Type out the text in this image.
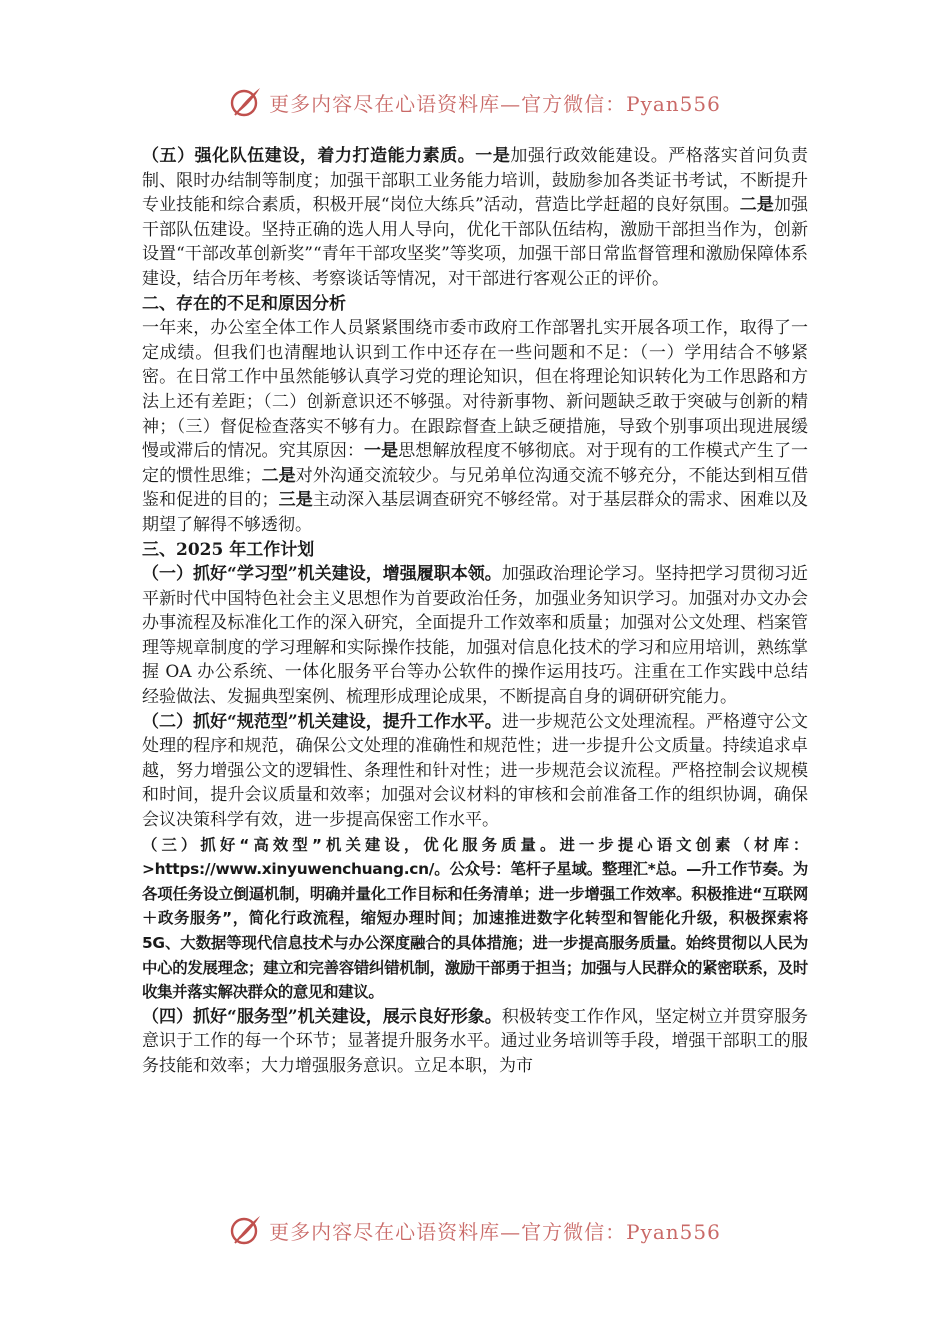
更多内容尽在心语资料库—官方微信：Pyan556

（五）强化队伍建设，着力打造能力素质。一是加强行政效能建设。严格落实首问负责制、限时办结制等制度；加强干部职工业务能力培训，鼓励参加各类证书考试，不断提升专业技能和综合素质，积极开展“岗位大练兵”活动，营造比学赶超的良好氛围。二是加强干部队伍建设。坚持正确的选人用人导向，优化干部队伍结构，激励干部担当作为，创新设置“干部改革创新奖”“青年干部攻坚奖”等奖项，加强干部日常监督管理和激励保障体系建设，结合历年考核、考察谈话等情况，对干部进行客观公正的评价。

二、存在的不足和原因分析

一年来，办公室全体工作人员紧紧围绕市委市政府工作部署扎实开展各项工作，取得了一定成绩。但我们也清醒地认识到工作中还存在一些问题和不足：（一）学用结合不够紧密。在日常工作中虽然能够认真学习党的理论知识，但在将理论知识转化为工作思路和方法上还有差距；（二）创新意识还不够强。对待新事物、新问题缺乏敢于突破与创新的精神；（三）督促检查落实不够有力。在跟踪督查上缺乏硬措施，导致个别事项出现进展缓慢或滞后的情况。究其原因：一是思想解放程度不够彻底。对于现有的工作模式产生了一定的惯性思维；二是对外沟通交流较少。与兄弟单位沟通交流不够充分，不能达到相互借鉴和促进的目的；三是主动深入基层调查研究不够经常。对于基层群众的需求、困难以及期望了解得不够透彻。

三、2025 年工作计划

（一）抓好“学习型”机关建设，增强履职本领。加强政治理论学习。坚持把学习贯彻习近平新时代中国特色社会主义思想作为首要政治任务，加强业务知识学习。加强对办文办会办事流程及标准化工作的深入研究，全面提升工作效率和质量；加强对公文处理、档案管理等规章制度的学习理解和实际操作技能，加强对信息化技术的学习和应用培训，熟练掌握 OA 办公系统、一体化服务平台等办公软件的操作运用技巧。注重在工作实践中总结经验做法、发掘典型案例、梳理形成理论成果，不断提高自身的调研研究能力。

（二）抓好“规范型”机关建设，提升工作水平。进一步规范公文处理流程。严格遵守公文处理的程序和规范，确保公文处理的准确性和规范性；进一步提升公文质量。持续追求卓越，努力增强公文的逻辑性、条理性和针对性；进一步规范会议流程。严格控制会议规模和时间，提升会议质量和效率；加强对会议材料的审核和会前准备工作的组织协调，确保会议决策科学有效，进一步提高保密工作水平。

（三）抓好“高效型”机关建设，优化服务质量。进一步提心语文创素（材库：>https://www.xinyuwenchuang.cn/。公众号：笔杆子星域。整理汇*总。—升工作节奏。为各项任务设立倒逼机制，明确并量化工作目标和任务清单；进一步增强工作效率。积极推进“互联网＋政务服务”，简化行政流程，缩短办理时间；加速推进数字化转型和智能化升级，积极探索将 5G、大数据等现代信息技术与办公深度融合的具体措施；进一步提高服务质量。始终贯彻以人民为中心的发展理念；建立和完善容错纠错机制，激励干部勇于担当；加强与人民群众的紧密联系，及时收集并落实解决群众的意见和建议。

（四）抓好“服务型”机关建设，展示良好形象。积极转变工作作风，坚定树立并贯穿服务意识于工作的每一个环节；显著提升服务水平。通过业务培训等手段，增强干部职工的服务技能和效率；大力增强服务意识。立足本职，为市

更多内容尽在心语资料库—官方微信：Pyan556
